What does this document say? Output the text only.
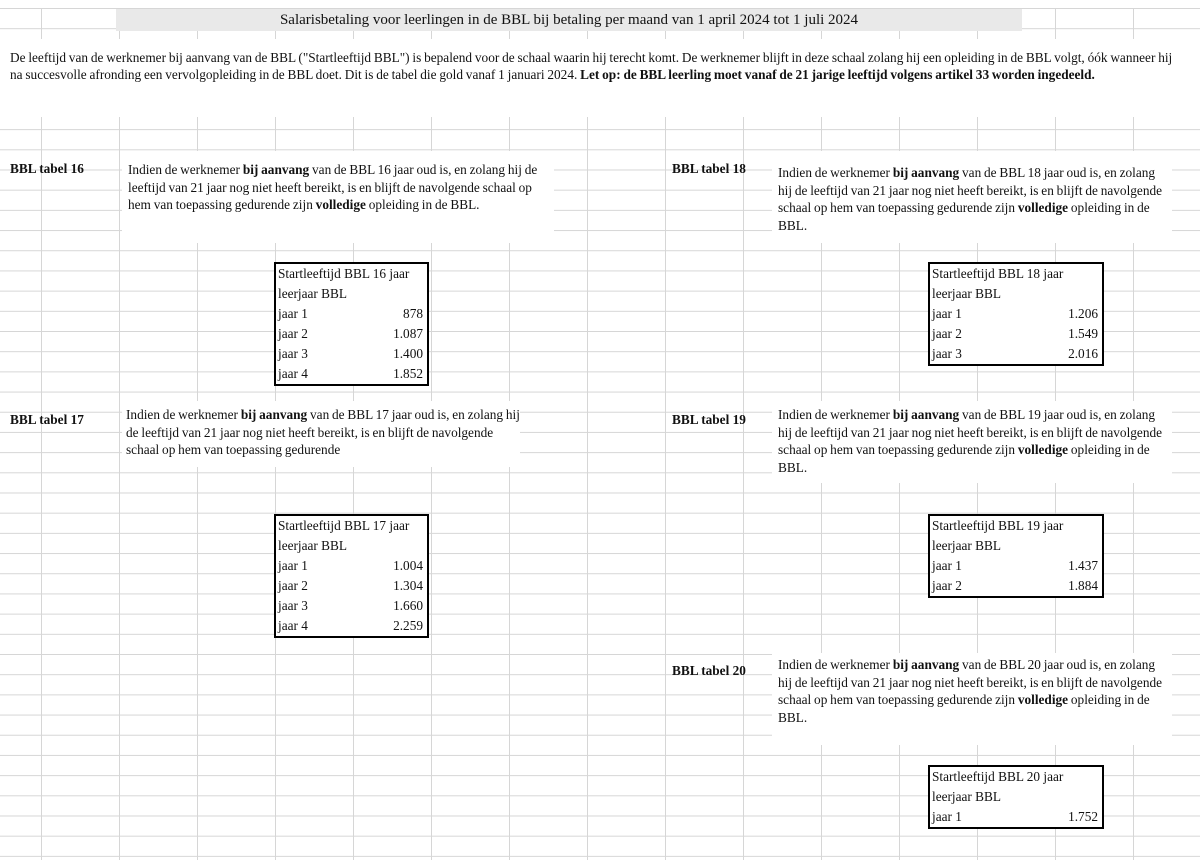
Salarisbetaling voor leerlingen in de BBL bij betaling per maand van 1 april 2024 tot 1 juli 2024
De leeftijd van de werknemer bij aanvang van de BBL ("Startleeftijd BBL") is bepalend voor de schaal waarin hij terecht komt. De werknemer blijft in deze schaal zolang hij een opleiding in de BBL volgt, óók wanneer hij na succesvolle afronding een vervolgopleiding in de BBL doet. Dit is de tabel die gold vanaf 1 januari 2024. Let op: de BBL leerling moet vanaf de 21 jarige leeftijd volgens artikel 33 worden ingedeeld.
BBL tabel 16	Indien de werknemer bij aanvang van de BBL 16 jaar oud is, en zolang hij de leeftijd van 21 jaar nog niet heeft bereikt, is en blijft de navolgende schaal op hem van toepassing gedurende zijn volledige opleiding in de BBL.
Startleeftijd BBL 16 jaar	
leerjaar BBL	
jaar 1	878
jaar 2	1.087
jaar 3	1.400
jaar 4	1.852
BBL tabel 17	Indien de werknemer bij aanvang van de BBL 17 jaar oud is, en zolang hij de leeftijd van 21 jaar nog niet heeft bereikt, is en blijft de navolgende schaal op hem van toepassing gedurende
Startleeftijd BBL 17 jaar	
leerjaar BBL	
jaar 1	1.004
jaar 2	1.304
jaar 3	1.660
jaar 4	2.259
BBL tabel 18 Indien de werknemer bij aanvang van de BBL 18 jaar oud is, en zolang hij de leeftijd van 21 jaar nog niet heeft bereikt, is en blijft de navolgende schaal op hem van toepassing gedurende zijn volledige opleiding in de BBL.
Startleeftijd BBL 18 jaar	
leerjaar BBL	
jaar 1	1.206
jaar 2	1.549
jaar 3	2.016
BBL tabel 19 Indien de werknemer bij aanvang van de BBL 19 jaar oud is, en zolang hij de leeftijd van 21 jaar nog niet heeft bereikt, is en blijft de navolgende schaal op hem van toepassing gedurende zijn volledige opleiding in de BBL.
Startleeftijd BBL 19 jaar	
leerjaar BBL	
jaar 1	1.437
jaar 2	1.884
BBL tabel 20 Indien de werknemer bij aanvang van de BBL 20 jaar oud is, en zolang hij de leeftijd van 21 jaar nog niet heeft bereikt, is en blijft de navolgende schaal op hem van toepassing gedurende zijn volledige opleiding in de BBL.
Startleeftijd BBL 20 jaar
leerjaar BBL
jaar 1	1.752
